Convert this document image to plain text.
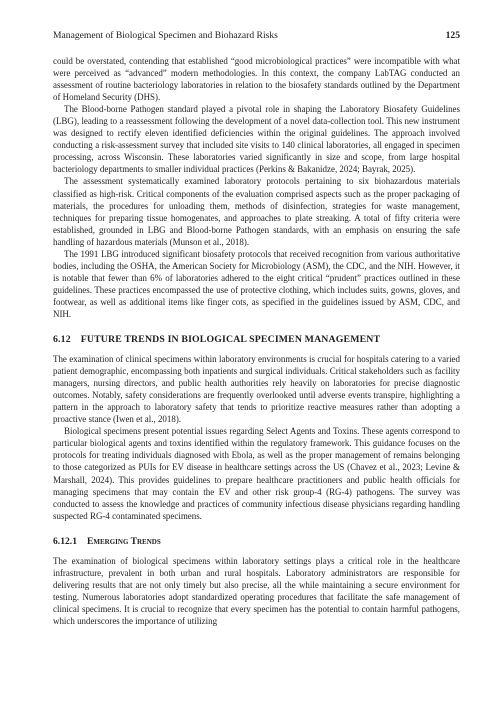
Management of Biological Specimen and Biohazard Risks	125

could be overstated, contending that established “good microbiological practices” were incompatible with what were perceived as “advanced” modern methodologies. In this context, the company LabTAG conducted an assessment of routine bacteriology laboratories in relation to the biosafety standards outlined by the Department of Homeland Security (DHS).

The Blood-borne Pathogen standard played a pivotal role in shaping the Laboratory Biosafety Guidelines (LBG), leading to a reassessment following the development of a novel data-collection tool. This new instrument was designed to rectify eleven identified deficiencies within the original guidelines. The approach involved conducting a risk-assessment survey that included site visits to 140 clinical laboratories, all engaged in specimen processing, across Wisconsin. These laboratories varied significantly in size and scope, from large hospital bacteriology departments to smaller individual practices (Perkins & Bakanidze, 2024; Bayrak, 2025).

The assessment systematically examined laboratory protocols pertaining to six biohazardous materials classified as high-risk. Critical components of the evaluation comprised aspects such as the proper packaging of materials, the procedures for unloading them, methods of disinfection, strategies for waste management, techniques for preparing tissue homogenates, and approaches to plate streaking. A total of fifty criteria were established, grounded in LBG and Blood-borne Pathogen standards, with an emphasis on ensuring the safe handling of hazardous materials (Munson et al., 2018).

The 1991 LBG introduced significant biosafety protocols that received recognition from various authoritative bodies, including the OSHA, the American Society for Microbiology (ASM), the CDC, and the NIH. However, it is notable that fewer than 6% of laboratories adhered to the eight critical “prudent” practices outlined in these guidelines. These practices encompassed the use of protective clothing, which includes suits, gowns, gloves, and footwear, as well as additional items like finger cots, as specified in the guidelines issued by ASM, CDC, and NIH.

6.12 FUTURE TRENDS IN BIOLOGICAL SPECIMEN MANAGEMENT

The examination of clinical specimens within laboratory environments is crucial for hospitals catering to a varied patient demographic, encompassing both inpatients and surgical individuals. Critical stakeholders such as facility managers, nursing directors, and public health authorities rely heavily on laboratories for precise diagnostic outcomes. Notably, safety considerations are frequently overlooked until adverse events transpire, highlighting a pattern in the approach to laboratory safety that tends to prioritize reactive measures rather than adopting a proactive stance (Iwen et al., 2018).

Biological specimens present potential issues regarding Select Agents and Toxins. These agents correspond to particular biological agents and toxins identified within the regulatory framework. This guidance focuses on the protocols for treating individuals diagnosed with Ebola, as well as the proper management of remains belonging to those categorized as PUIs for EV disease in healthcare settings across the US (Chavez et al., 2023; Levine & Marshall, 2024). This provides guidelines to prepare healthcare practitioners and public health officials for managing specimens that may contain the EV and other risk group-4 (RG-4) pathogens. The survey was conducted to assess the knowledge and practices of community infectious disease physicians regarding handling suspected RG-4 contaminated specimens.

6.12.1 Emerging Trends

The examination of biological specimens within laboratory settings plays a critical role in the healthcare infrastructure, prevalent in both urban and rural hospitals. Laboratory administrators are responsible for delivering results that are not only timely but also precise, all the while maintaining a secure environment for testing. Numerous laboratories adopt standardized operating procedures that facilitate the safe management of clinical specimens. It is crucial to recognize that every specimen has the potential to contain harmful pathogens, which underscores the importance of utilizing
